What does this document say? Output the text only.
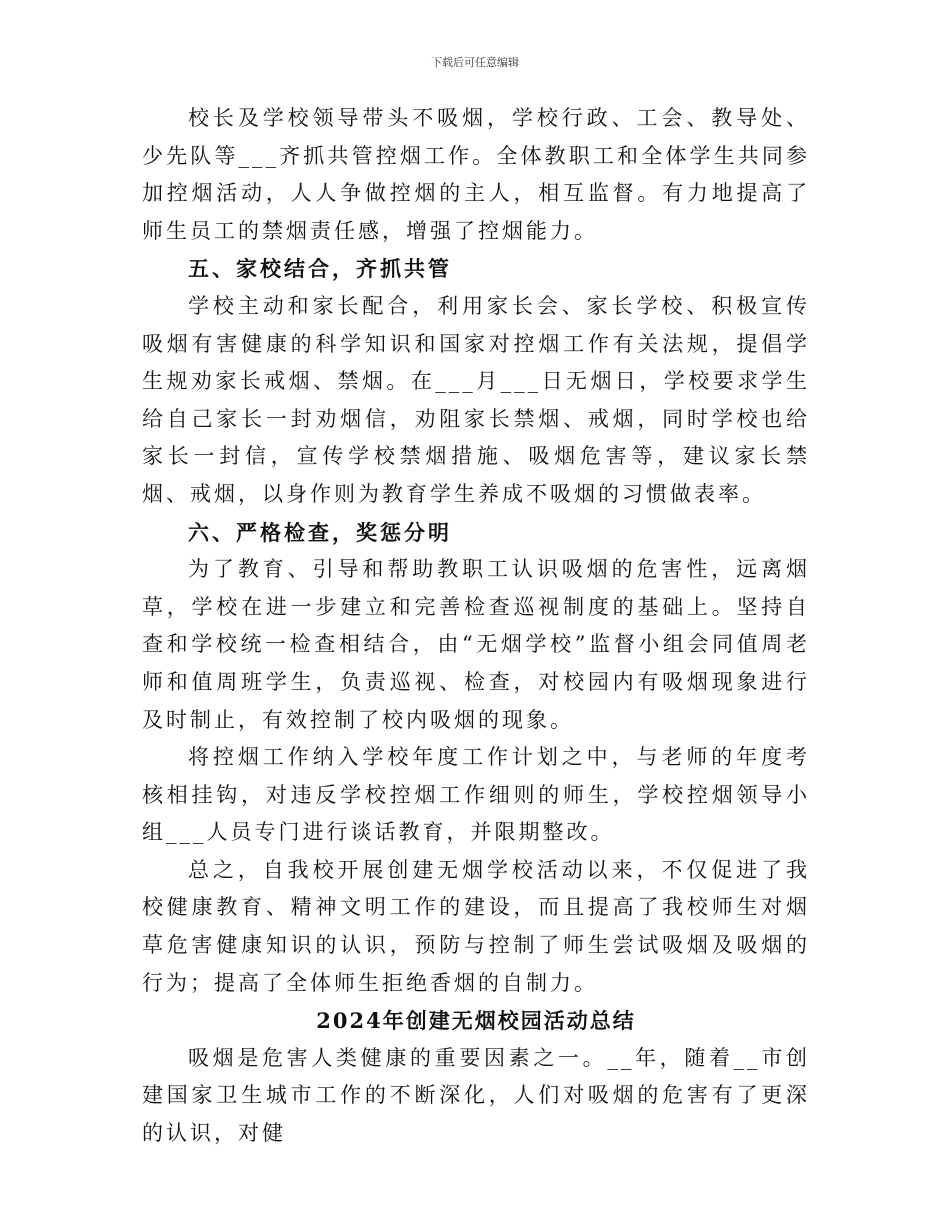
下载后可任意编辑

校长及学校领导带头不吸烟，学校行政、工会、教导处、少先队等___齐抓共管控烟工作。全体教职工和全体学生共同参加控烟活动，人人争做控烟的主人，相互监督。有力地提高了师生员工的禁烟责任感，增强了控烟能力。

五、家校结合，齐抓共管

学校主动和家长配合，利用家长会、家长学校、积极宣传吸烟有害健康的科学知识和国家对控烟工作有关法规，提倡学生规劝家长戒烟、禁烟。在___月___日无烟日，学校要求学生给自己家长一封劝烟信，劝阻家长禁烟、戒烟，同时学校也给家长一封信，宣传学校禁烟措施、吸烟危害等，建议家长禁烟、戒烟，以身作则为教育学生养成不吸烟的习惯做表率。

六、严格检查，奖惩分明

为了教育、引导和帮助教职工认识吸烟的危害性，远离烟草，学校在进一步建立和完善检查巡视制度的基础上。坚持自查和学校统一检查相结合，由“无烟学校”监督小组会同值周老师和值周班学生，负责巡视、检查，对校园内有吸烟现象进行及时制止，有效控制了校内吸烟的现象。

将控烟工作纳入学校年度工作计划之中，与老师的年度考核相挂钩，对违反学校控烟工作细则的师生，学校控烟领导小组___人员专门进行谈话教育，并限期整改。

总之，自我校开展创建无烟学校活动以来，不仅促进了我校健康教育、精神文明工作的建设，而且提高了我校师生对烟草危害健康知识的认识，预防与控制了师生尝试吸烟及吸烟的行为；提高了全体师生拒绝香烟的自制力。

2024年创建无烟校园活动总结

吸烟是危害人类健康的重要因素之一。__年，随着__市创建国家卫生城市工作的不断深化，人们对吸烟的危害有了更深的认识，对健
